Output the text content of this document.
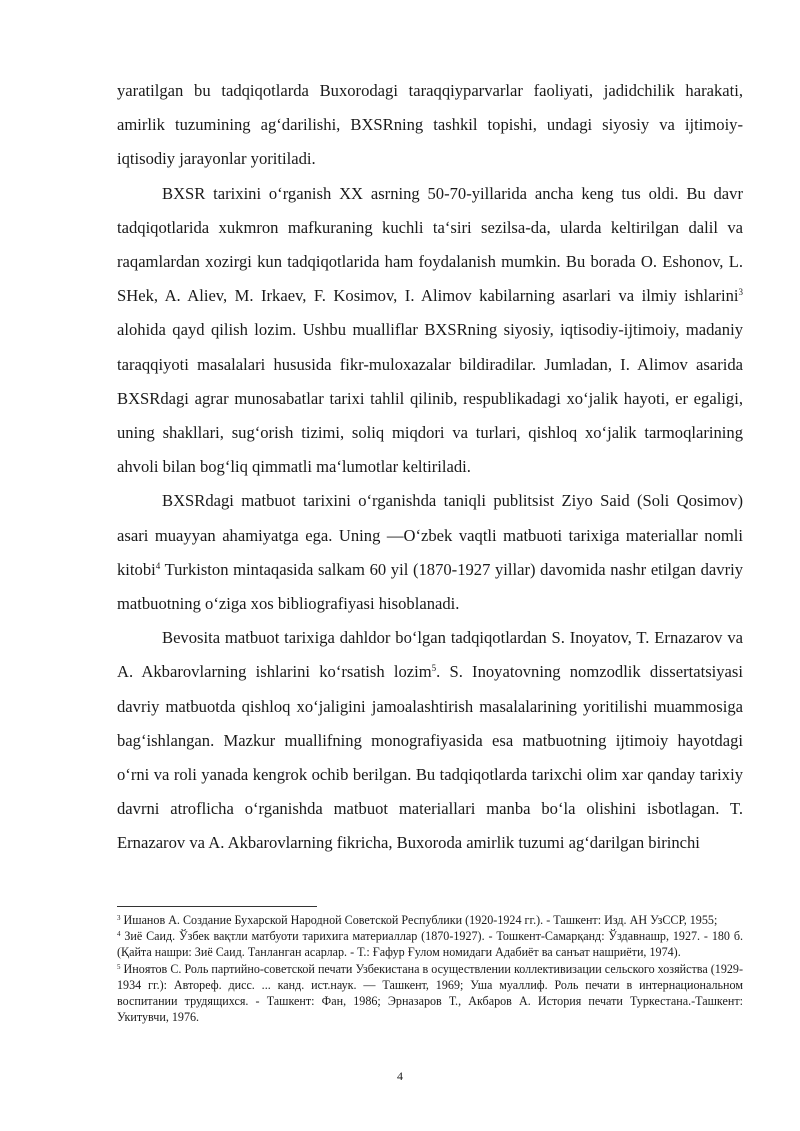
yaratilgan bu tadqiqotlarda Buxorodagi taraqqiyparvarlar faoliyati, jadidchilik harakati, amirlik tuzumining ag‘darilishi, BXSRning tashkil topishi, undagi siyosiy va ijtimoiy-iqtisodiy jarayonlar yoritiladi.

BXSR tarixini o‘rganish XX asrning 50-70-yillarida ancha keng tus oldi. Bu davr tadqiqotlarida xukmron mafkuraning kuchli ta‘siri sezilsa-da, ularda keltirilgan dalil va raqamlardan xozirgi kun tadqiqotlarida ham foydalanish mumkin. Bu borada O. Eshonov, L. SHek, A. Aliev, M. Irkaev, F. Kosimov, I. Alimov kabilarning asarlari va ilmiy ishlarini$^3$ alohida qayd qilish lozim. Ushbu mualliflar BXSRning siyosiy, iqtisodiy-ijtimoiy, madaniy taraqqiyoti masalalari hususida fikr-muloxazalar bildiradilar. Jumladan, I. Alimov asarida BXSRdagi agrar munosabatlar tarixi tahlil qilinib, respublikadagi xo‘jalik hayoti, er egaligi, uning shakllari, sug‘orish tizimi, soliq miqdori va turlari, qishloq xo‘jalik tarmoqlarining ahvoli bilan bog‘liq qimmatli ma‘lumotlar keltiriladi.

BXSRdagi matbuot tarixini o‘rganishda taniqli publitsist Ziyo Said (Soli Qosimov) asari muayyan ahamiyatga ega. Uning —O‘zbek vaqtli matbuoti tarixiga materiallar nomli kitobi$^4$ Turkiston mintaqasida salkam 60 yil (1870-1927 yillar) davomida nashr etilgan davriy matbuotning o‘ziga xos bibliografiyasi hisoblanadi.

Bevosita matbuot tarixiga dahldor bo‘lgan tadqiqotlardan S. Inoyatov, T. Ernazarov va A. Akbarovlarning ishlarini ko‘rsatish lozim$^5$. S. Inoyatovning nomzodlik dissertatsiyasi davriy matbuotda qishloq xo‘jaligini jamoalashtirish masalalarining yoritilishi muammosiga bag‘ishlangan. Mazkur muallifning monografiyasida esa matbuotning ijtimoiy hayotdagi o‘rni va roli yanada kengrok ochib berilgan. Bu tadqiqotlarda tarixchi olim xar qanday tarixiy davrni atroflicha o‘rganishda matbuot materiallari manba bo‘la olishini isbotlagan. T. Ernazarov va A. Akbarovlarning fikricha, Buxoroda amirlik tuzumi ag‘darilgan birinchi

$^3$ Ишанов А. Создание Бухарской Народной Советской Республики (1920-1924 гг.). - Ташкент: Изд. АН УзССР, 1955;

$^4$ Зиё Саид. Ўзбек вақтли матбуоти тарихига материаллар (1870-1927). - Тошкент-Самарқанд: Ўздавнашр, 1927. - 180 б. (Қайта нашри: Зиё Саид. Танланган асарлар. - Т.: Ғафур Ғулом номидаги Адабиёт ва санъат нашриёти, 1974).

$^5$ Инoятов С. Роль партийно-советской печати Узбекистана в осуществлении коллективизации сельского хозяйства (1929-1934 гг.): Автореф. дисс. ... канд. ист.наук. — Ташкент, 1969; Уша муаллиф. Роль печати в интернациональном воспитании трудящихся. - Ташкент: Фан, 1986; Эрназаров Т., Акбаров А. История печати Туркестана.-Ташкент: Укитувчи, 1976.

4
